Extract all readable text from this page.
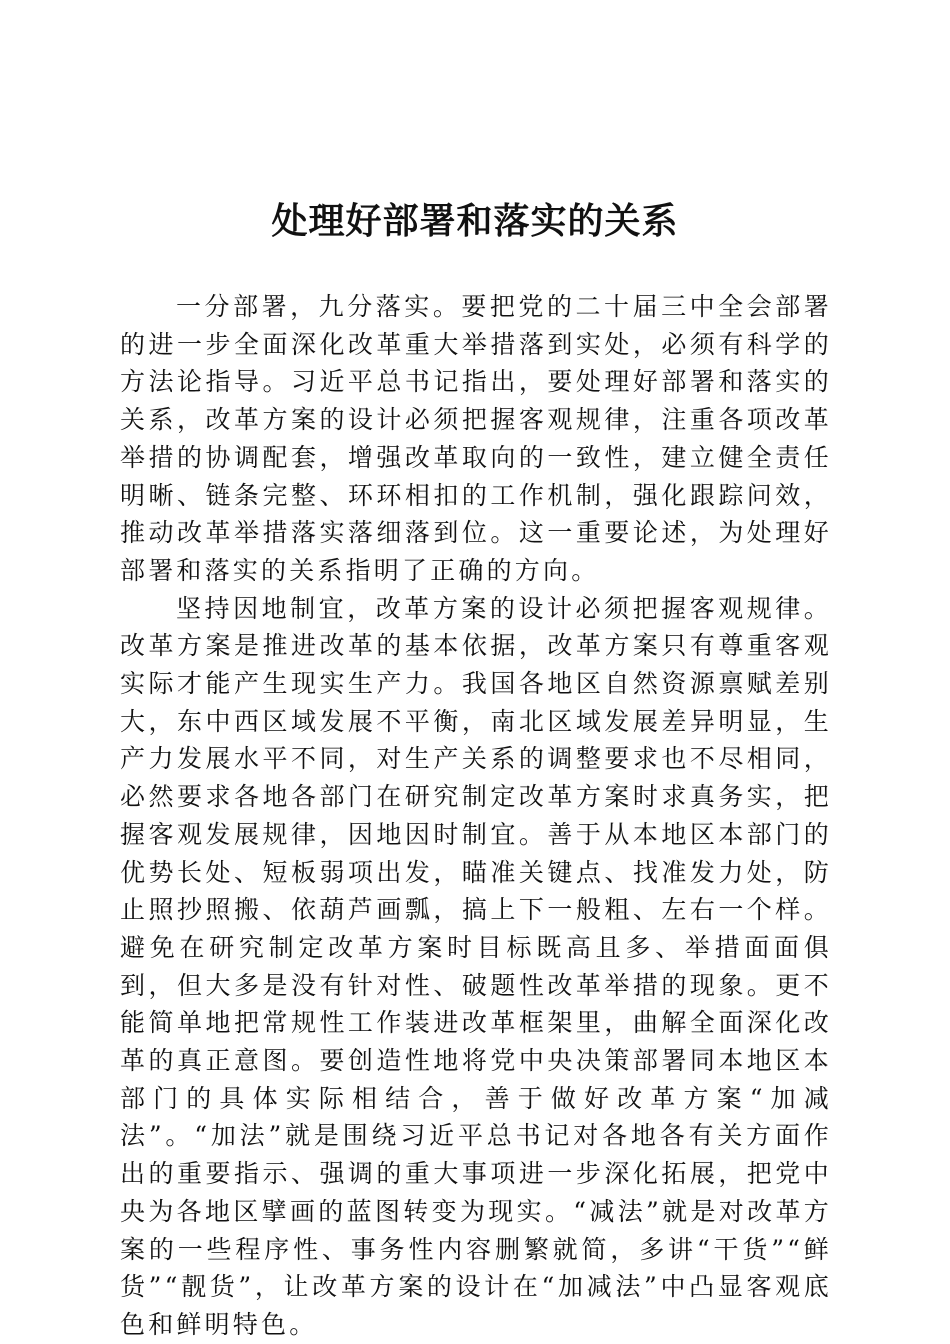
处理好部署和落实的关系

一分部署，九分落实。要把党的二十届三中全会部署的进一步全面深化改革重大举措落到实处，必须有科学的方法论指导。习近平总书记指出，要处理好部署和落实的关系，改革方案的设计必须把握客观规律，注重各项改革举措的协调配套，增强改革取向的一致性，建立健全责任明晰、链条完整、环环相扣的工作机制，强化跟踪问效，推动改革举措落实落细落到位。这一重要论述，为处理好部署和落实的关系指明了正确的方向。

坚持因地制宜，改革方案的设计必须把握客观规律。改革方案是推进改革的基本依据，改革方案只有尊重客观实际才能产生现实生产力。我国各地区自然资源禀赋差别大，东中西区域发展不平衡，南北区域发展差异明显，生产力发展水平不同，对生产关系的调整要求也不尽相同，必然要求各地各部门在研究制定改革方案时求真务实，把握客观发展规律，因地因时制宜。善于从本地区本部门的优势长处、短板弱项出发，瞄准关键点、找准发力处，防止照抄照搬、依葫芦画瓢，搞上下一般粗、左右一个样。避免在研究制定改革方案时目标既高且多、举措面面俱到，但大多是没有针对性、破题性改革举措的现象。更不能简单地把常规性工作装进改革框架里，曲解全面深化改革的真正意图。要创造性地将党中央决策部署同本地区本部门的具体实际相结合，善于做好改革方案“加减法”。“加法”就是围绕习近平总书记对各地各有关方面作出的重要指示、强调的重大事项进一步深化拓展，把党中央为各地区擘画的蓝图转变为现实。“减法”就是对改革方案的一些程序性、事务性内容删繁就简，多讲“干货”“鲜货”“靓货”，让改革方案的设计在“加减法”中凸显客观底色和鲜明特色。
